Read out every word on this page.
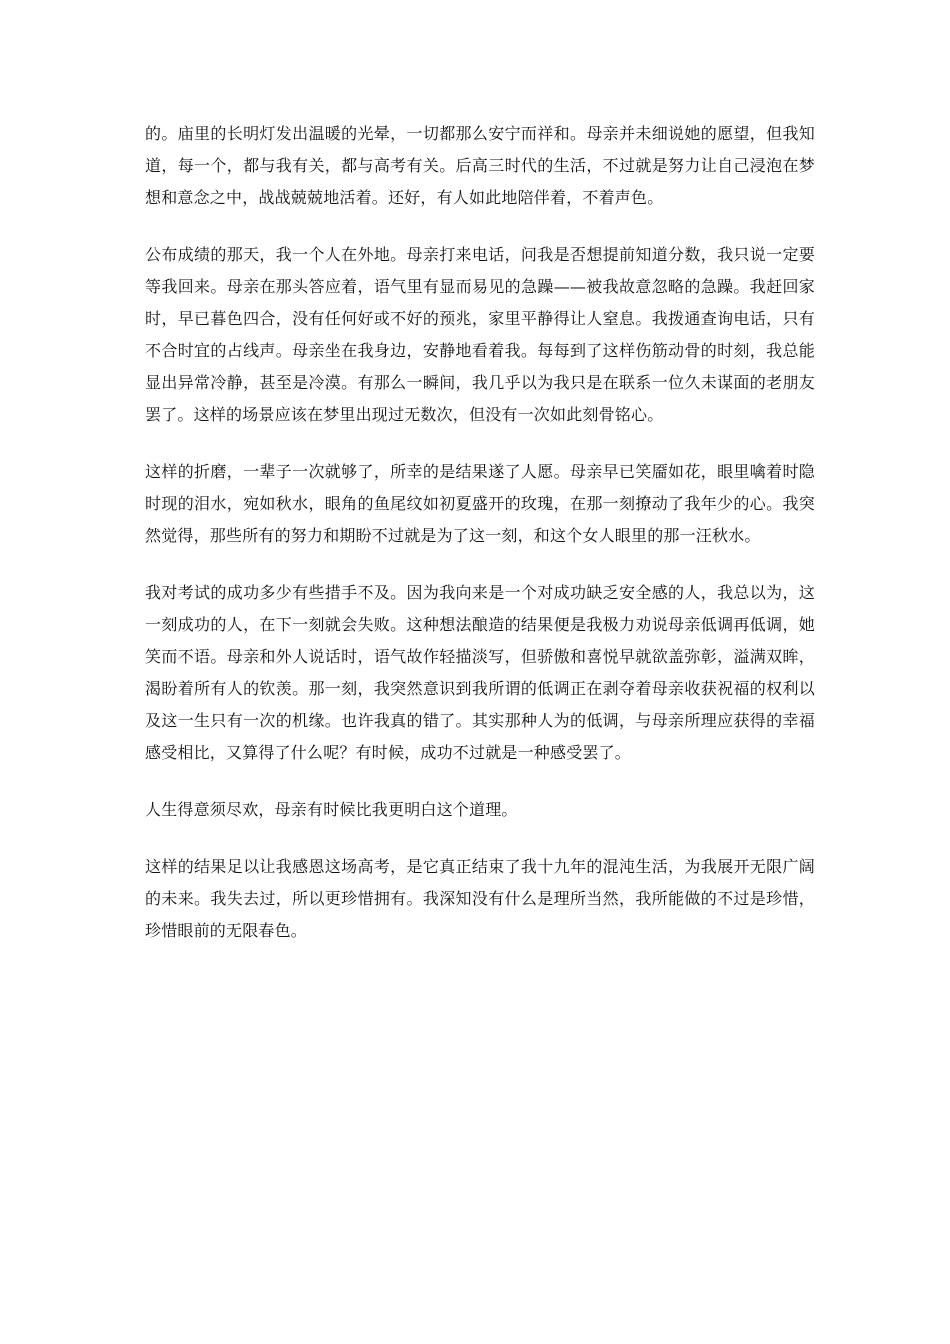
的。庙里的长明灯发出温暖的光晕，一切都那么安宁而祥和。母亲并未细说她的愿望，但我知道，每一个，都与我有关，都与高考有关。后高三时代的生活，不过就是努力让自己浸泡在梦想和意念之中，战战兢兢地活着。还好，有人如此地陪伴着，不着声色。

公布成绩的那天，我一个人在外地。母亲打来电话，问我是否想提前知道分数，我只说一定要等我回来。母亲在那头答应着，语气里有显而易见的急躁——被我故意忽略的急躁。我赶回家时，早已暮色四合，没有任何好或不好的预兆，家里平静得让人窒息。我拨通查询电话，只有不合时宜的占线声。母亲坐在我身边，安静地看着我。每每到了这样伤筋动骨的时刻，我总能显出异常冷静，甚至是冷漠。有那么一瞬间，我几乎以为我只是在联系一位久未谋面的老朋友罢了。这样的场景应该在梦里出现过无数次，但没有一次如此刻骨铭心。

这样的折磨，一辈子一次就够了，所幸的是结果遂了人愿。母亲早已笑靥如花，眼里噙着时隐时现的泪水，宛如秋水，眼角的鱼尾纹如初夏盛开的玫瑰，在那一刻撩动了我年少的心。我突然觉得，那些所有的努力和期盼不过就是为了这一刻，和这个女人眼里的那一汪秋水。

我对考试的成功多少有些措手不及。因为我向来是一个对成功缺乏安全感的人，我总以为，这一刻成功的人，在下一刻就会失败。这种想法酿造的结果便是我极力劝说母亲低调再低调，她笑而不语。母亲和外人说话时，语气故作轻描淡写，但骄傲和喜悦早就欲盖弥彰，溢满双眸，渴盼着所有人的钦羡。那一刻，我突然意识到我所谓的低调正在剥夺着母亲收获祝福的权利以及这一生只有一次的机缘。也许我真的错了。其实那种人为的低调，与母亲所理应获得的幸福感受相比，又算得了什么呢？有时候，成功不过就是一种感受罢了。

人生得意须尽欢，母亲有时候比我更明白这个道理。

这样的结果足以让我感恩这场高考，是它真正结束了我十九年的混沌生活，为我展开无限广阔的未来。我失去过，所以更珍惜拥有。我深知没有什么是理所当然，我所能做的不过是珍惜，珍惜眼前的无限春色。
